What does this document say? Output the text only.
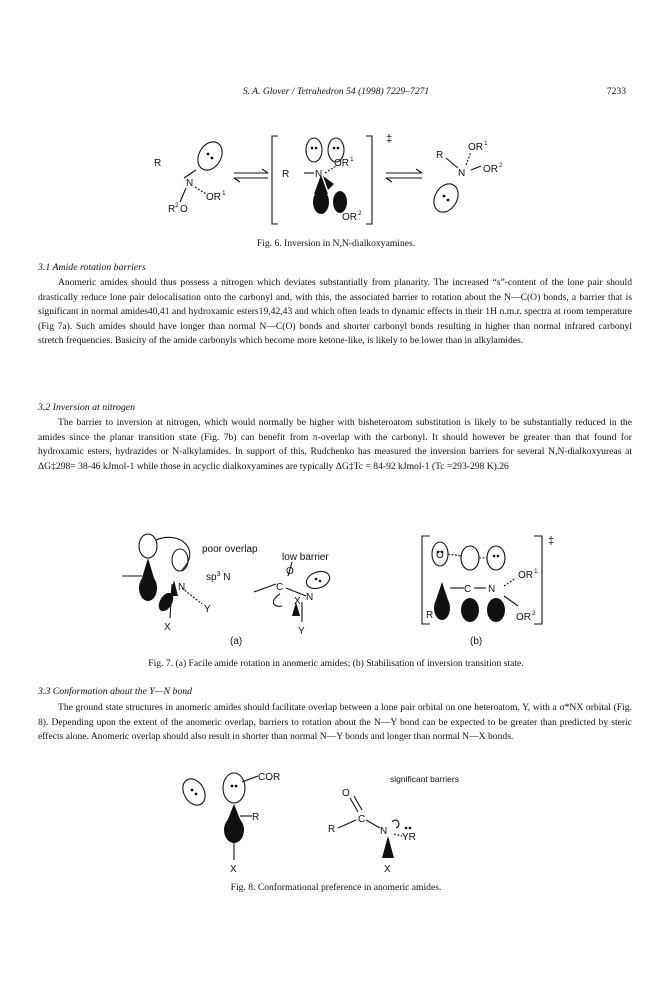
S. A. Glover / Tetrahedron 54 (1998) 7229–7271	7233
R
N
OR 1
R 2 O
R	N
OR 1
OR 2
‡
R
N
OR 1
OR 2
Fig. 6. Inversion in N,N-dialkoxyamines.
3.1 Amide rotation barriers
Anomeric amides should thus possess a nitrogen which deviates substantially from planarity. The increased “s”-content of the lone pair should drastically reduce lone pair delocalisation onto the carbonyl and, with this, the associated barrier to rotation about the N—C(O) bonds, a barrier that is significant in normal amides40,41 and hydroxamic esters19,42,43 and which often leads to dynamic effects in their 1H n.m.r. spectra at room temperature (Fig 7a). Such amides should have longer than normal N—C(O) bonds and shorter carbonyl bonds resulting in higher than normal infrared carbonyl stretch frequencies. Basicity of the amide carbonyls which become more ketone-like, is likely to be lower than in alkylamides.
3.2 Inversion at nitrogen
The barrier to inversion at nitrogen, which would normally be higher with bisheteroatom substitution is likely to be substantially reduced in the amides since the planar transition state (Fig. 7b) can benefit from π-overlap with the carbonyl. It should however be greater than that found for hydroxamic esters, hydrazides or N-alkylamides. In support of this, Rudchenko has measured the inversion barriers for several N,N-dialkoxyureas at ΔG‡298= 38-46 kJmol-1 while those in acyclic dialkoxyamines are typically ΔG‡Tc = 84-92 kJmol-1 (Tc =293-298 K).26
poor overlap
$sp^3$ N
N
X
Y
low barrier
C
O
N
X
Y
(a)
O
C N
R
OR 1
OR 2
‡
(b)
Fig. 7. (a) Facile amide rotation in anomeric amides; (b) Stabilisation of inversion transition state.
3.3 Conformation about the Y—N bond
The ground state structures in anomeric amides should facilitate overlap between a lone pair orbital on one heteroatom, Y, with a σ*NX orbital (Fig. 8). Depending upon the extent of the anomeric overlap, barriers to rotation about the N—Y bond can be expected to be greater than predicted by steric effects alone. Anomeric overlap should also result in shorter than normal N—Y bonds and longer than normal N—X bonds.
COR
Y R
X
O
C
R	N
YR
X
significant barriers
Fig. 8. Conformational preference in anomeric amides.
